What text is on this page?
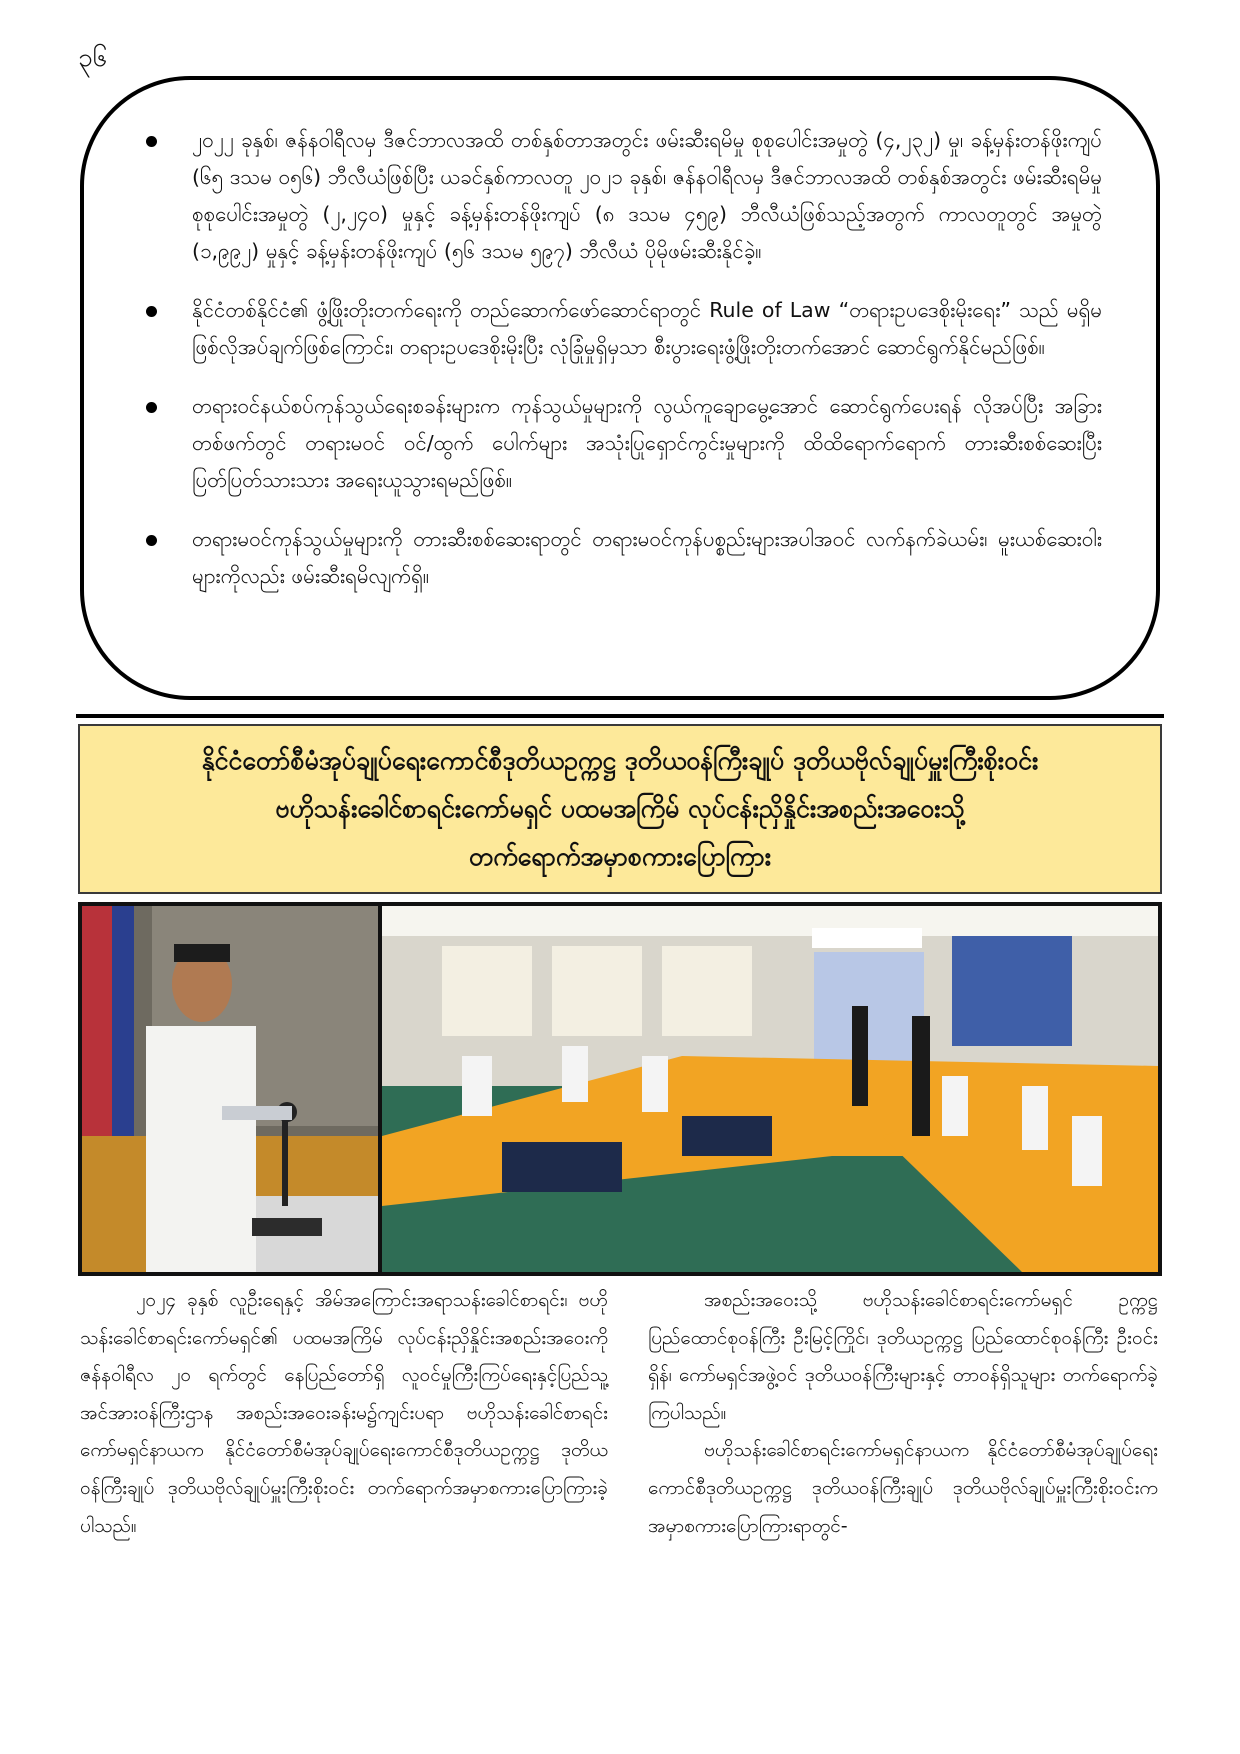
၃၆
၂၀၂၂ ခုနှစ်၊ ဇန်နဝါရီလမှ ဒီဇင်ဘာလအထိ တစ်နှစ်တာအတွင်း ဖမ်းဆီးရမိမှု စုစုပေါင်းအမှုတွဲ (၄,၂၃၂) မှု၊ ခန့်မှန်းတန်ဖိုးကျပ် (၆၅ ဒသမ ၀၅၆) ဘီလီယံဖြစ်ပြီး ယခင်နှစ်ကာလတူ ၂၀၂၁ ခုနှစ်၊ ဇန်နဝါရီလမှ ဒီဇင်ဘာလအထိ တစ်နှစ်အတွင်း ဖမ်းဆီးရမိမှု စုစုပေါင်းအမှုတွဲ (၂,၂၄၀) မှုနှင့် ခန့်မှန်းတန်ဖိုးကျပ် (၈ ဒသမ ၄၅၉) ဘီလီယံဖြစ်သည့်အတွက် ကာလတူတွင် အမှုတွဲ (၁,၉၉၂) မှုနှင့် ခန့်မှန်းတန်ဖိုးကျပ် (၅၆ ဒသမ ၅၉၇) ဘီလီယံ ပိုမိုဖမ်းဆီးနိုင်ခဲ့။
နိုင်ငံတစ်နိုင်ငံ၏ ဖွံ့ဖြိုးတိုးတက်ရေးကို တည်ဆောက်ဖော်ဆောင်ရာတွင် Rule of Law “တရားဥပဒေစိုးမိုးရေး” သည် မရှိမဖြစ်လိုအပ်ချက်ဖြစ်ကြောင်း၊ တရားဥပဒေစိုးမိုးပြီး လုံခြုံမှုရှိမှသာ စီးပွားရေးဖွံ့ဖြိုးတိုးတက်အောင် ဆောင်ရွက်နိုင်မည်ဖြစ်။
တရားဝင်နယ်စပ်ကုန်သွယ်ရေးစခန်းများက ကုန်သွယ်မှုများကို လွယ်ကူချောမွေ့အောင် ဆောင်ရွက်ပေးရန် လိုအပ်ပြီး အခြားတစ်ဖက်တွင် တရားမဝင် ဝင်/ထွက် ပေါက်များ အသုံးပြုရှောင်ကွင်းမှုများကို ထိထိရောက်ရောက် တားဆီးစစ်ဆေးပြီး ပြတ်ပြတ်သားသား အရေးယူသွားရမည်ဖြစ်။
တရားမဝင်ကုန်သွယ်မှုများကို တားဆီးစစ်ဆေးရာတွင် တရားမဝင်ကုန်ပစ္စည်းများအပါအဝင် လက်နက်ခဲယမ်း၊ မူးယစ်ဆေးဝါးများကိုလည်း ဖမ်းဆီးရမိလျက်ရှိ။
နိုင်ငံတော်စီမံအုပ်ချုပ်ရေးကောင်စီဒုတိယဥက္ကဋ္ဌ ဒုတိယဝန်ကြီးချုပ် ဒုတိယဗိုလ်ချုပ်မှူးကြီးစိုးဝင်း
ဗဟိုသန်းခေါင်စာရင်းကော်မရှင် ပထမအကြိမ် လုပ်ငန်းညှိနှိုင်းအစည်းအဝေးသို့
တက်ရောက်အမှာစကားပြောကြား

၂၀၂၄ ခုနှစ် လူဦးရေနှင့် အိမ်အကြောင်းအရာသန်းခေါင်စာရင်း၊ ဗဟိုသန်းခေါင်စာရင်းကော်မရှင်၏ ပထမအကြိမ် လုပ်ငန်းညှိနှိုင်းအစည်းအဝေးကို ဇန်နဝါရီလ ၂၀ ရက်တွင် နေပြည်တော်ရှိ လူဝင်မှုကြီးကြပ်ရေးနှင့်ပြည်သူ့အင်အားဝန်ကြီးဌာန အစည်းအဝေးခန်းမ၌ကျင်းပရာ ဗဟိုသန်းခေါင်စာရင်းကော်မရှင်နာယက နိုင်ငံတော်စီမံအုပ်ချုပ်ရေးကောင်စီဒုတိယဥက္ကဋ္ဌ ဒုတိယဝန်ကြီးချုပ် ဒုတိယဗိုလ်ချုပ်မှူးကြီးစိုးဝင်း တက်ရောက်အမှာစကားပြောကြားခဲ့ပါသည်။

အစည်းအဝေးသို့ ဗဟိုသန်းခေါင်စာရင်းကော်မရှင် ဥက္ကဋ္ဌ ပြည်ထောင်စုဝန်ကြီး ဦးမြင့်ကြိုင်၊ ဒုတိယဥက္ကဋ္ဌ ပြည်ထောင်စုဝန်ကြီး ဦးဝင်းရှိန်၊ ကော်မရှင်အဖွဲ့ဝင် ဒုတိယဝန်ကြီးများနှင့် တာဝန်ရှိသူများ တက်ရောက်ခဲ့ကြပါသည်။

ဗဟိုသန်းခေါင်စာရင်းကော်မရှင်နာယက နိုင်ငံတော်စီမံအုပ်ချုပ်ရေးကောင်စီဒုတိယဥက္ကဋ္ဌ ဒုတိယဝန်ကြီးချုပ် ဒုတိယဗိုလ်ချုပ်မှူးကြီးစိုးဝင်းက အမှာစကားပြောကြားရာတွင်-
